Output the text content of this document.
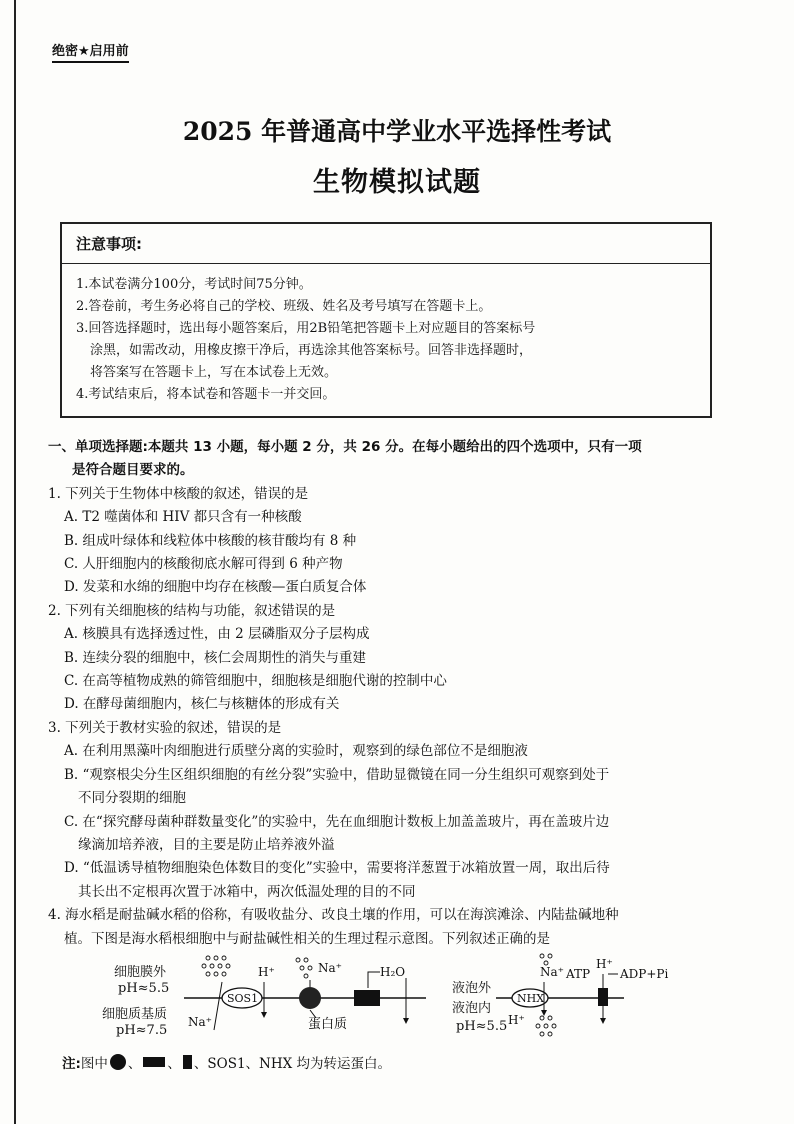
绝密★启用前
2025 年普通高中学业水平选择性考试
生物模拟试题
注意事项:
1.本试卷满分100分，考试时间75分钟。
2.答卷前，考生务必将自己的学校、班级、姓名及考号填写在答题卡上。
3.回答选择题时，选出每小题答案后，用2B铅笔把答题卡上对应题目的答案标号
涂黑，如需改动，用橡皮擦干净后，再选涂其他答案标号。回答非选择题时，
将答案写在答题卡上，写在本试卷上无效。
4.考试结束后，将本试卷和答题卡一并交回。
一、单项选择题:本题共 13 小题，每小题 2 分，共 26 分。在每小题给出的四个选项中，只有一项
是符合题目要求的。
1. 下列关于生物体中核酸的叙述，错误的是
A. T2 噬菌体和 HIV 都只含有一种核酸
B. 组成叶绿体和线粒体中核酸的核苷酸均有 8 种
C. 人肝细胞内的核酸彻底水解可得到 6 种产物
D. 发菜和水绵的细胞中均存在核酸—蛋白质复合体
2. 下列有关细胞核的结构与功能，叙述错误的是
A. 核膜具有选择透过性，由 2 层磷脂双分子层构成
B. 连续分裂的细胞中，核仁会周期性的消失与重建
C. 在高等植物成熟的筛管细胞中，细胞核是细胞代谢的控制中心
D. 在酵母菌细胞内，核仁与核糖体的形成有关
3. 下列关于教材实验的叙述，错误的是
A. 在利用黑藻叶肉细胞进行质壁分离的实验时，观察到的绿色部位不是细胞液
B. “观察根尖分生区组织细胞的有丝分裂”实验中，借助显微镜在同一分生组织可观察到处于
不同分裂期的细胞
C. 在“探究酵母菌种群数量变化”的实验中，先在血细胞计数板上加盖盖玻片，再在盖玻片边
缘滴加培养液，目的主要是防止培养液外溢
D. “低温诱导植物细胞染色体数目的变化”实验中，需要将洋葱置于冰箱放置一周，取出后待
其长出不定根再次置于冰箱中，两次低温处理的目的不同
4. 海水稻是耐盐碱水稻的俗称，有吸收盐分、改良土壤的作用，可以在海滨滩涂、内陆盐碱地种
植。下图是海水稻根细胞中与耐盐碱性相关的生理过程示意图。下列叙述正确的是
细胞膜外
pH≈5.5
细胞质基质
pH≈7.5
SOS1
Na⁺
H⁺	Na⁺
蛋白质
H₂O
液泡外
液泡内
pH≈5.5
NHX
Na⁺
H⁺
ATP
H⁺
ADP+Pi
注: 图中 、 、 、SOS1、NHX 均为转运蛋白。
